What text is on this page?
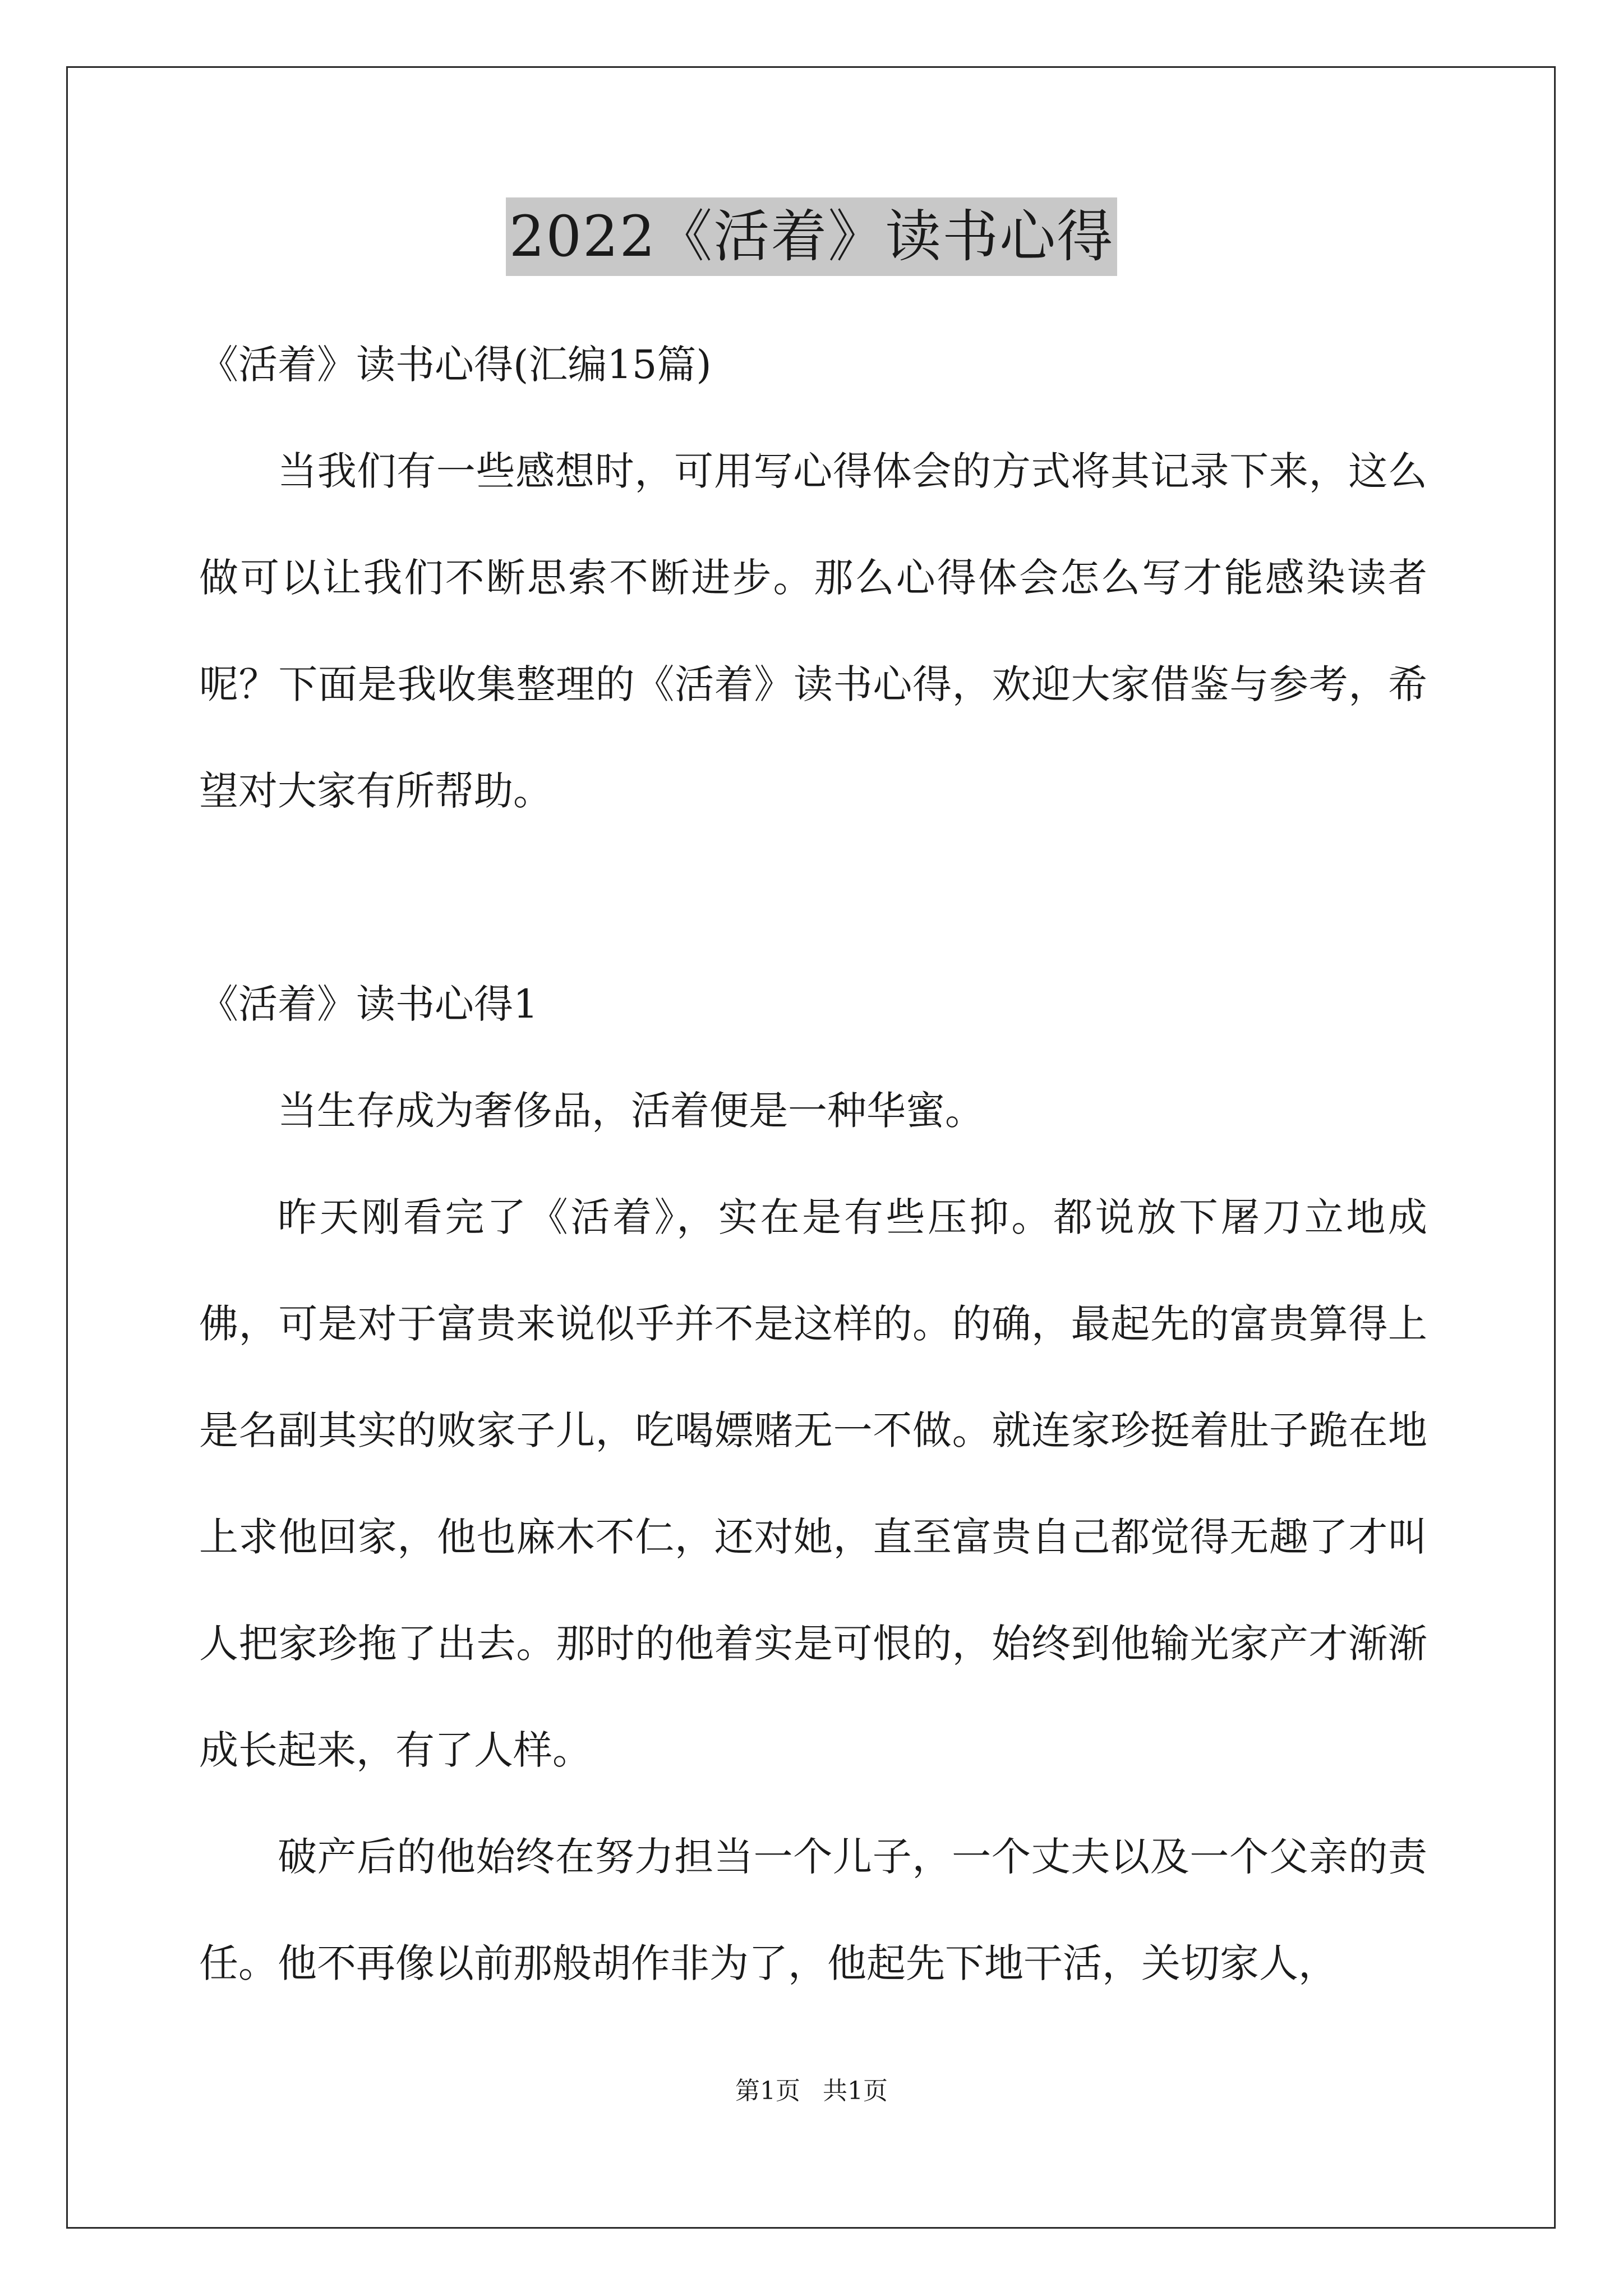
2022《活着》读书心得

《活着》读书心得(汇编15篇)

当我们有一些感想时，可用写心得体会的方式将其记录下来，这么做可以让我们不断思索不断进步。那么心得体会怎么写才能感染读者呢？下面是我收集整理的《活着》读书心得，欢迎大家借鉴与参考，希望对大家有所帮助。

《活着》读书心得1

当生存成为奢侈品，活着便是一种华蜜。

昨天刚看完了《活着》，实在是有些压抑。都说放下屠刀立地成佛，可是对于富贵来说似乎并不是这样的。的确，最起先的富贵算得上是名副其实的败家子儿，吃喝嫖赌无一不做。就连家珍挺着肚子跪在地上求他回家，他也麻木不仁，还对她，直至富贵自己都觉得无趣了才叫人把家珍拖了出去。那时的他着实是可恨的，始终到他输光家产才渐渐成长起来，有了人样。

破产后的他始终在努力担当一个儿子，一个丈夫以及一个父亲的责任。他不再像以前那般胡作非为了，他起先下地干活，关切家人，

第1页 共1页
